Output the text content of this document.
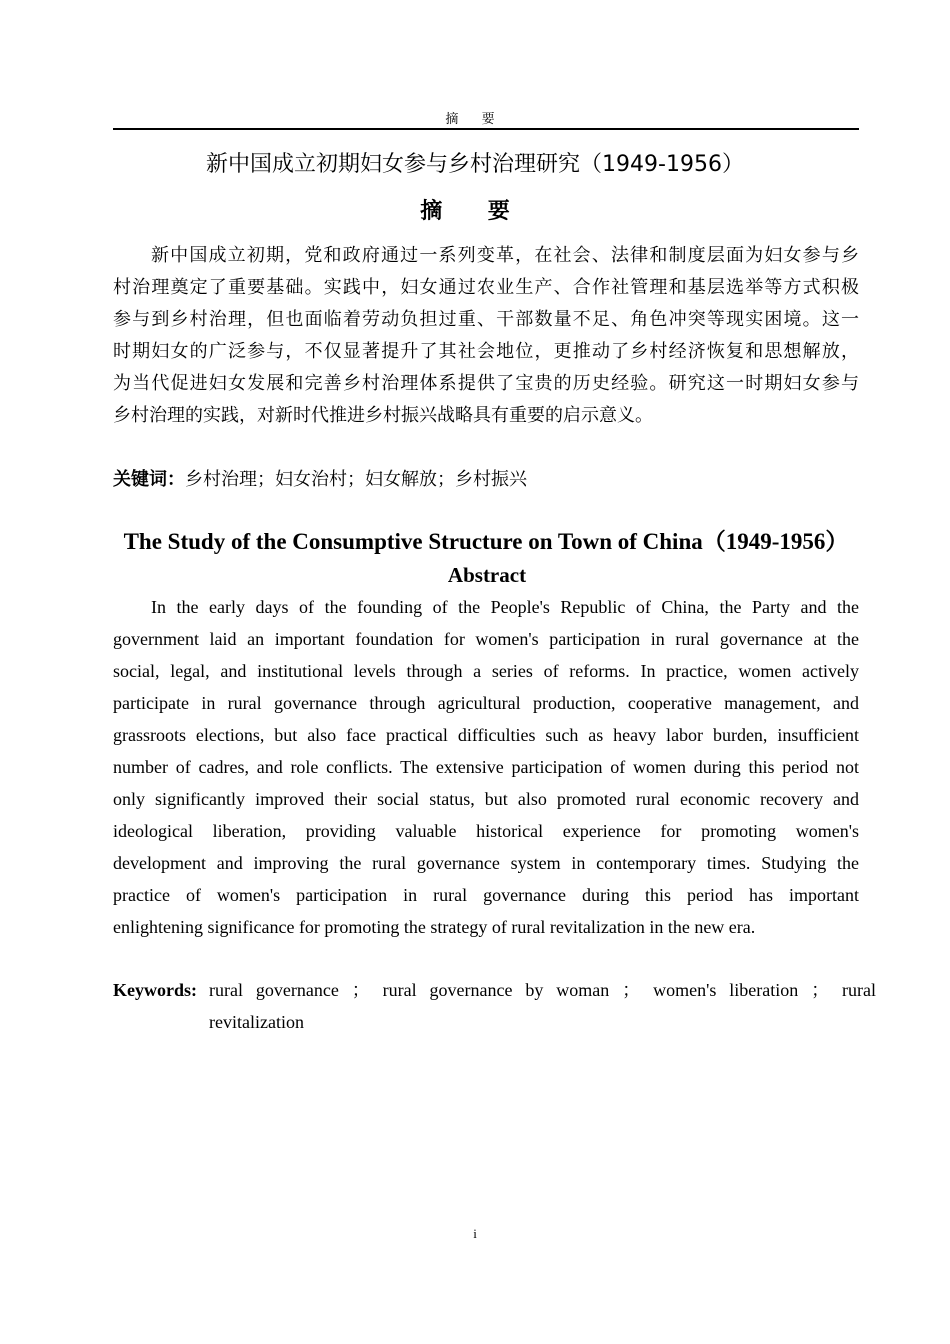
摘 要
新中国成立初期妇女参与乡村治理研究（1949-1956）
摘 要
新中国成立初期，党和政府通过一系列变革，在社会、法律和制度层面为妇女参与乡
村治理奠定了重要基础。实践中，妇女通过农业生产、合作社管理和基层选举等方式积极
参与到乡村治理，但也面临着劳动负担过重、干部数量不足、角色冲突等现实困境。这一
时期妇女的广泛参与，不仅显著提升了其社会地位，更推动了乡村经济恢复和思想解放，
为当代促进妇女发展和完善乡村治理体系提供了宝贵的历史经验。研究这一时期妇女参与
乡村治理的实践，对新时代推进乡村振兴战略具有重要的启示意义。
关键词：乡村治理；妇女治村；妇女解放；乡村振兴
The Study of the Consumptive Structure on Town of China（1949-1956）
Abstract
In the early days of the founding of the People's Republic of China, the Party and the
government laid an important foundation for women's participation in rural governance at the
social, legal, and institutional levels through a series of reforms. In practice, women actively
participate in rural governance through agricultural production, cooperative management, and
grassroots elections, but also face practical difficulties such as heavy labor burden, insufficient
number of cadres, and role conflicts. The extensive participation of women during this period not
only significantly improved their social status, but also promoted rural economic recovery and
ideological liberation, providing valuable historical experience for promoting women's
development and improving the rural governance system in contemporary times. Studying the
practice of women's participation in rural governance during this period has important
enlightening significance for promoting the strategy of rural revitalization in the new era.
Keywords: rural governance ； rural governance by woman ； women's liberation ； rural
revitalization
i
